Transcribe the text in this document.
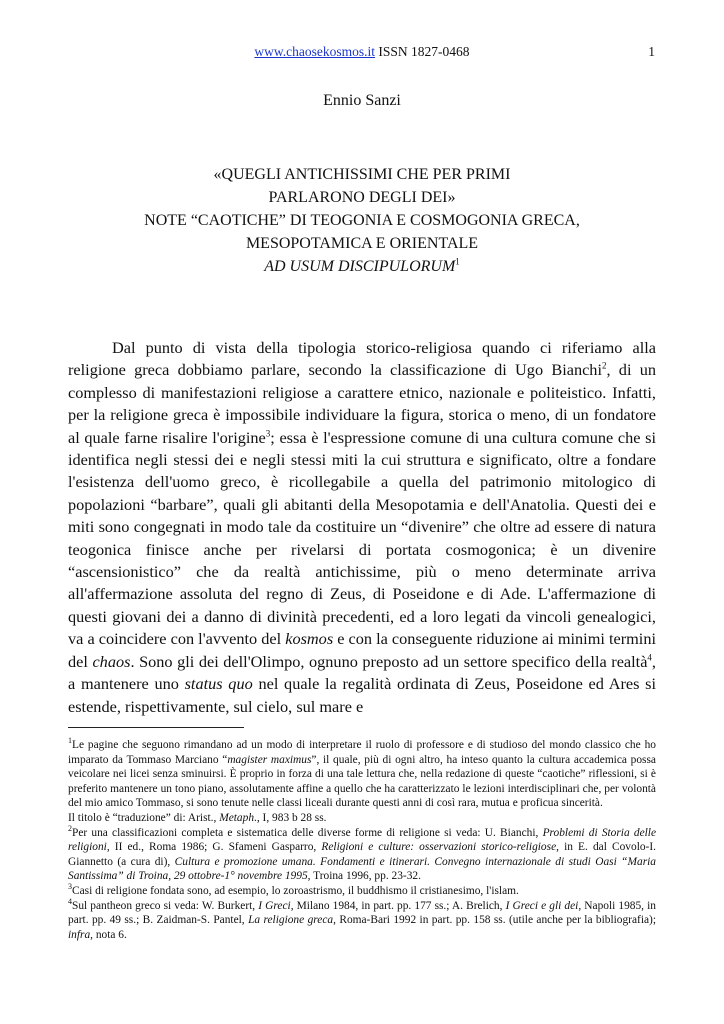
www.chaosekosmos.it ISSN 1827-0468	1
Ennio Sanzi
«QUEGLI ANTICHISSIMI CHE PER PRIMI
PARLARONO DEGLI DEI»
NOTE “CAOTICHE” DI TEOGONIA E COSMOGONIA GRECA,
MESOPOTAMICA E ORIENTALE
AD USUM DISCIPULORUM$^1$

Dal punto di vista della tipologia storico-religiosa quando ci riferiamo alla religione greca dobbiamo parlare, secondo la classificazione di Ugo Bianchi$^2$, di un complesso di manifestazioni religiose a carattere etnico, nazionale e politeistico. Infatti, per la religione greca è impossibile individuare la figura, storica o meno, di un fondatore al quale farne risalire l'origine$^3$; essa è l'espressione comune di una cultura comune che si identifica negli stessi dei e negli stessi miti la cui struttura e significato, oltre a fondare l'esistenza dell'uomo greco, è ricollegabile a quella del patrimonio mitologico di popolazioni “barbare”, quali gli abitanti della Mesopotamia e dell'Anatolia. Questi dei e miti sono congegnati in modo tale da costituire un “divenire” che oltre ad essere di natura teogonica finisce anche per rivelarsi di portata cosmogonica; è un divenire “ascensionistico” che da realtà antichissime, più o meno determinate arriva all'affermazione assoluta del regno di Zeus, di Poseidone e di Ade. L'affermazione di questi giovani dei a danno di divinità precedenti, ed a loro legati da vincoli genealogici, va a coincidere con l'avvento del kosmos e con la conseguente riduzione ai minimi termini del chaos. Sono gli dei dell'Olimpo, ognuno preposto ad un settore specifico della realtà$^4$, a mantenere uno status quo nel quale la regalità ordinata di Zeus, Poseidone ed Ares si estende, rispettivamente, sul cielo, sul mare e

$^1$Le pagine che seguono rimandano ad un modo di interpretare il ruolo di professore e di studioso del mondo classico che ho imparato da Tommaso Marciano “magister maximus”, il quale, più di ogni altro, ha inteso quanto la cultura accademica possa veicolare nei licei senza sminuirsi. È proprio in forza di una tale lettura che, nella redazione di queste “caotiche” riflessioni, si è preferito mantenere un tono piano, assolutamente affine a quello che ha caratterizzato le lezioni interdisciplinari che, per volontà del mio amico Tommaso, si sono tenute nelle classi liceali durante questi anni di così rara, mutua e proficua sincerità.
Il titolo è “traduzione” di: Arist., Metaph., I, 983 b 28 ss.

$^2$Per una classificazioni completa e sistematica delle diverse forme di religione si veda: U. Bianchi, Problemi di Storia delle religioni, II ed., Roma 1986; G. Sfameni Gasparro, Religioni e culture: osservazioni storico-religiose, in E. dal Covolo-I. Giannetto (a cura di), Cultura e promozione umana. Fondamenti e itinerari. Convegno internazionale di studi Oasi “Maria Santissima” di Troina, 29 ottobre-1° novembre 1995, Troina 1996, pp. 23-32.

$^3$Casi di religione fondata sono, ad esempio, lo zoroastrismo, il buddhismo il cristianesimo, l'islam.

$^4$Sul pantheon greco si veda: W. Burkert, I Greci, Milano 1984, in part. pp. 177 ss.; A. Brelich, I Greci e gli dei, Napoli 1985, in part. pp. 49 ss.; B. Zaidman-S. Pantel, La religione greca, Roma-Bari 1992 in part. pp. 158 ss. (utile anche per la bibliografia); infra, nota 6.
